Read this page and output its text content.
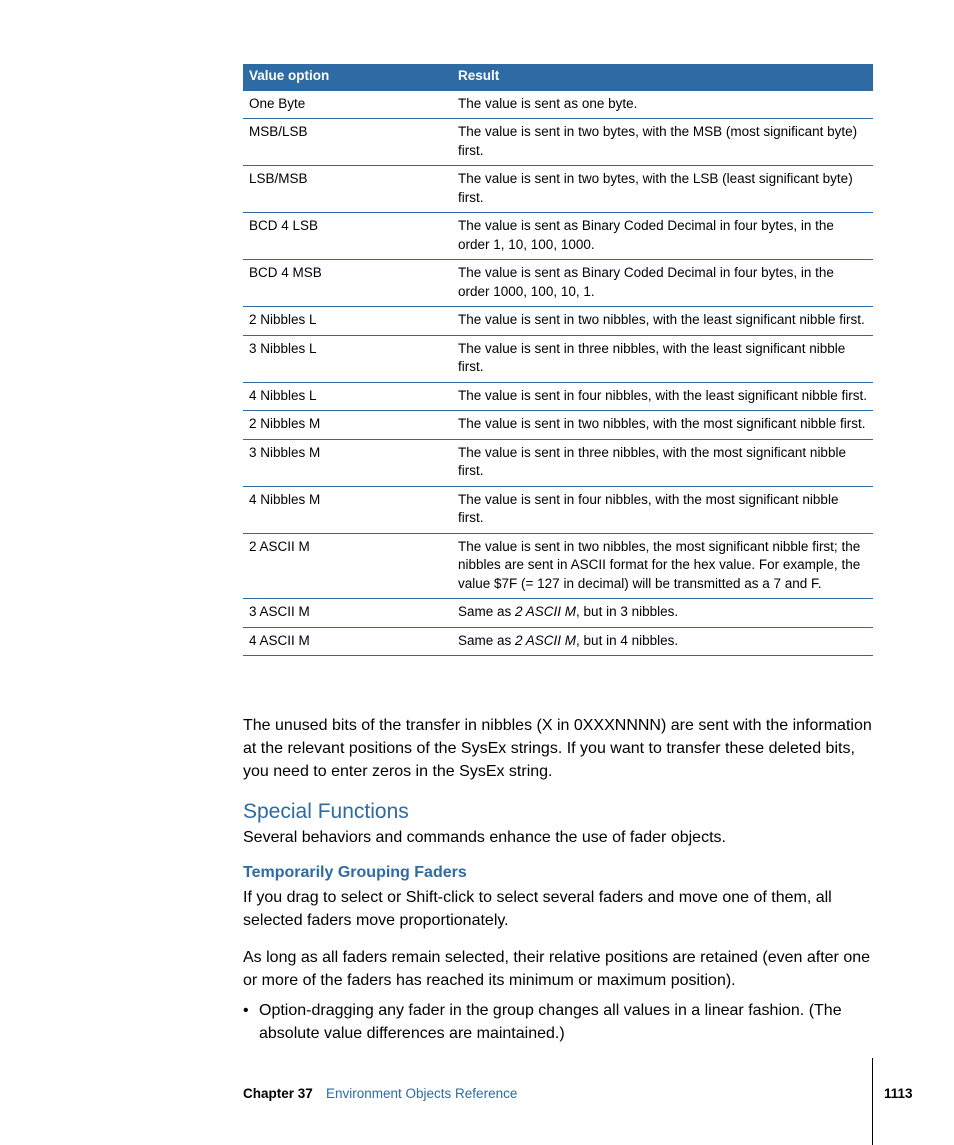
Value option	Result
One Byte	The value is sent as one byte.
MSB/LSB	The value is sent in two bytes, with the MSB (most significant byte) first.
LSB/MSB	The value is sent in two bytes, with the LSB (least significant byte) first.
BCD 4 LSB	The value is sent as Binary Coded Decimal in four bytes, in the order 1, 10, 100, 1000.
BCD 4 MSB	The value is sent as Binary Coded Decimal in four bytes, in the order 1000, 100, 10, 1.
2 Nibbles L	The value is sent in two nibbles, with the least significant nibble first.
3 Nibbles L	The value is sent in three nibbles, with the least significant nibble first.
4 Nibbles L	The value is sent in four nibbles, with the least significant nibble first.
2 Nibbles M	The value is sent in two nibbles, with the most significant nibble first.
3 Nibbles M	The value is sent in three nibbles, with the most significant nibble first.
4 Nibbles M	The value is sent in four nibbles, with the most significant nibble first.
2 ASCII M	The value is sent in two nibbles, the most significant nibble first; the nibbles are sent in ASCII format for the hex value. For example, the value $7F (= 127 in decimal) will be transmitted as a 7 and F.
3 ASCII M	Same as 2 ASCII M, but in 3 nibbles.
4 ASCII M	Same as 2 ASCII M, but in 4 nibbles.

The unused bits of the transfer in nibbles (X in 0XXXNNNN) are sent with the information at the relevant positions of the SysEx strings. If you want to transfer these deleted bits, you need to enter zeros in the SysEx string.

Special Functions

Several behaviors and commands enhance the use of fader objects.

Temporarily Grouping Faders

If you drag to select or Shift-click to select several faders and move one of them, all selected faders move proportionately.

As long as all faders remain selected, their relative positions are retained (even after one or more of the faders has reached its minimum or maximum position).

• Option-dragging any fader in the group changes all values in a linear fashion. (The absolute value differences are maintained.)
Chapter 37 Environment Objects Reference	1113
